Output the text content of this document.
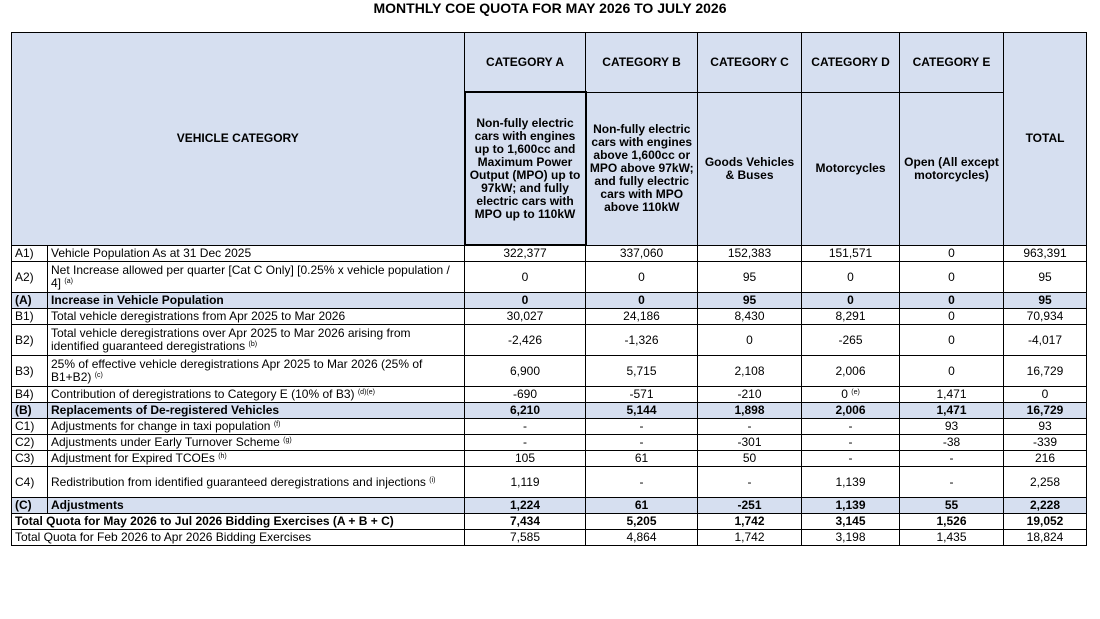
MONTHLY COE QUOTA FOR MAY 2026 TO JULY 2026
VEHICLE CATEGORY		CATEGORY A	CATEGORY B	CATEGORY C	CATEGORY D	CATEGORY E	TOTAL
		Non-fully electric cars with engines up to 1,600cc and Maximum Power Output (MPO) up to 97kW; and fully electric cars with MPO up to 110kW	Non-fully electric cars with engines above 1,600cc or MPO above 97kW; and fully electric cars with MPO above 110kW	Goods Vehicles & Buses	Motorcycles	Open (All except motorcycles)	
A1)	Vehicle Population As at 31 Dec 2025	322,377	337,060	152,383	151,571	0	963,391
A2)	Net Increase allowed per quarter [Cat C Only] [0.25% x vehicle population / 4] $^{(a)}$	0	0	95	0	0	95
(A)	Increase in Vehicle Population	0	0	95	0	0	95
B1)	Total vehicle deregistrations from Apr 2025 to Mar 2026	30,027	24,186	8,430	8,291	0	70,934
B2)	Total vehicle deregistrations over Apr 2025 to Mar 2026 arising from identified guaranteed deregistrations $^{(b)}$	-2,426	-1,326	0	-265	0	-4,017
B3)	25% of effective vehicle deregistrations Apr 2025 to Mar 2026 (25% of B1+B2) $^{(c)}$	6,900	5,715	2,108	2,006	0	16,729
B4)	Contribution of deregistrations to Category E (10% of B3) $^{(d)(e)}$	-690	-571	-210	0 $^{(e)}$	1,471	0
(B)	Replacements of De-registered Vehicles	6,210	5,144	1,898	2,006	1,471	16,729
C1)	Adjustments for change in taxi population $^{(f)}$	-	-	-	-	93	93
C2)	Adjustments under Early Turnover Scheme $^{(g)}$	-	-	-301	-	-38	-339
C3)	Adjustment for Expired TCOEs $^{(h)}$	105	61	50	-	-	216
C4)	Redistribution from identified guaranteed deregistrations and injections $^{(i)}$	1,119	-	-	1,139	-	2,258
(C)	Adjustments	1,224	61	-251	1,139	55	2,228
Total Quota for May 2026 to Jul 2026 Bidding Exercises (A + B + C)		7,434	5,205	1,742	3,145	1,526	19,052
Total Quota for Feb 2026 to Apr 2026 Bidding Exercises		7,585	4,864	1,742	3,198	1,435	18,824
